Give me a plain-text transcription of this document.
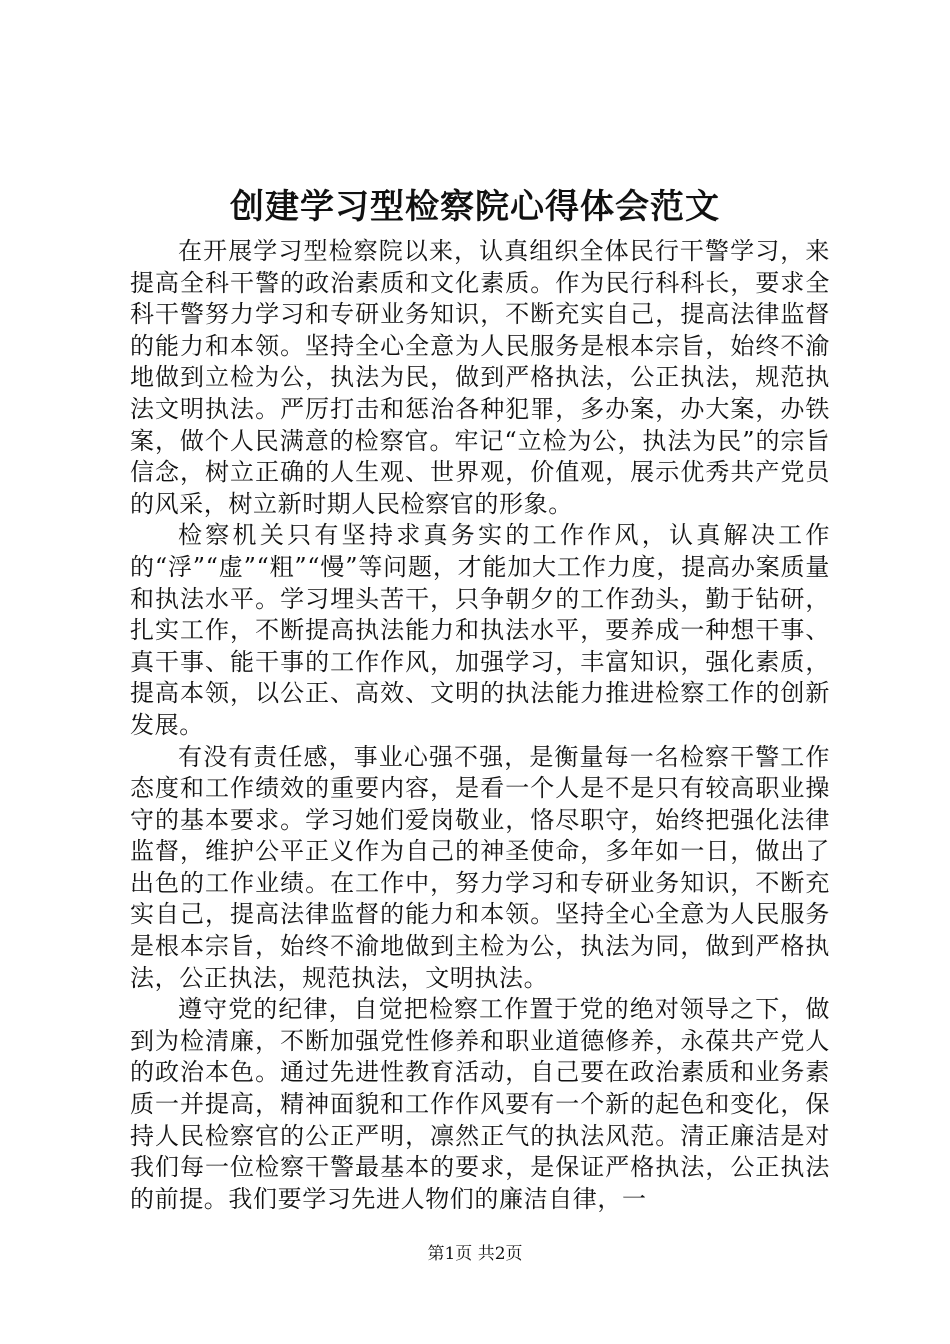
创建学习型检察院心得体会范文

在开展学习型检察院以来，认真组织全体民行干警学习，来提高全科干警的政治素质和文化素质。作为民行科科长，要求全科干警努力学习和专研业务知识，不断充实自己，提高法律监督的能力和本领。坚持全心全意为人民服务是根本宗旨，始终不渝地做到立检为公，执法为民，做到严格执法，公正执法，规范执法文明执法。严厉打击和惩治各种犯罪，多办案，办大案，办铁案，做个人民满意的检察官。牢记“立检为公，执法为民”的宗旨信念，树立正确的人生观、世界观，价值观，展示优秀共产党员的风采，树立新时期人民检察官的形象。

检察机关只有坚持求真务实的工作作风，认真解决工作的“浮”“虚”“粗”“慢”等问题，才能加大工作力度，提高办案质量和执法水平。学习埋头苦干，只争朝夕的工作劲头，勤于钻研，扎实工作，不断提高执法能力和执法水平，要养成一种想干事、真干事、能干事的工作作风，加强学习，丰富知识，强化素质，提高本领，以公正、高效、文明的执法能力推进检察工作的创新发展。

有没有责任感，事业心强不强，是衡量每一名检察干警工作态度和工作绩效的重要内容，是看一个人是不是只有较高职业操守的基本要求。学习她们爱岗敬业，恪尽职守，始终把强化法律监督，维护公平正义作为自己的神圣使命，多年如一日，做出了出色的工作业绩。在工作中，努力学习和专研业务知识，不断充实自己，提高法律监督的能力和本领。坚持全心全意为人民服务是根本宗旨，始终不渝地做到主检为公，执法为同，做到严格执法，公正执法，规范执法，文明执法。

遵守党的纪律，自觉把检察工作置于党的绝对领导之下，做到为检清廉，不断加强党性修养和职业道德修养，永葆共产党人的政治本色。通过先进性教育活动，自己要在政治素质和业务素质一并提高，精神面貌和工作作风要有一个新的起色和变化，保持人民检察官的公正严明，凛然正气的执法风范。清正廉洁是对我们每一位检察干警最基本的要求，是保证严格执法，公正执法的前提。我们要学习先进人物们的廉洁自律，一

第1页 共2页
